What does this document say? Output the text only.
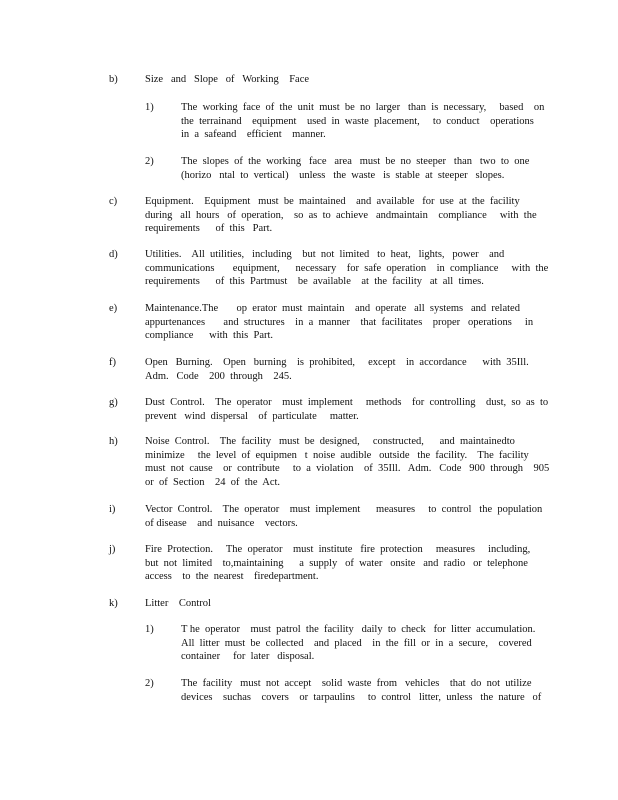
b)	Size   and   Slope   of   Working    Face
1)	The  working  face  of  the  unit  must  be  no  larger   than  is  necessary,     based    on
the  terrainand    equipment    used  in  waste  placement,     to  conduct    operations
in  a  safeand    efficient    manner.
2)	The  slopes  of  the  working   face   area   must  be  no  steeper   than   two  to  one
(horizo   ntal  to  vertical)    unless   the  waste   is  stable  at  steeper   slopes.
c)	Equipment.    Equipment   must  be  maintained    and  available   for  use  at  the  facility
during   all  hours   of  operation,    so  as  to  achieve   andmaintain    compliance     with  the
requirements      of  this   Part.
d)	Utilities.    All  utilities,   including    but  not  limited   to  heat,   lights,   power    and
communications       equipment,      necessary    for  safe  operation    in  compliance     with  the
requirements      of  this  Partmust    be  available    at  the  facility   at  all  times.
e)	Maintenance.The       op  erator  must  maintain    and  operate   all  systems   and  related
appurtenances       and  structures    in  a  manner    that  facilitates    proper   operations     in
compliance      with  this  Part.
f)	Open   Burning.    Open   burning    is  prohibited,     except    in  accordance      with  35Ill.
Adm.   Code    200  through    245.
g)	Dust  Control.    The  operator    must  implement     methods    for  controlling    dust,  so  as  to
prevent   wind  dispersal    of  particulate     matter.
h)	Noise  Control.    The  facility   must  be  designed,     constructed,      and  maintainedto
minimize     the  level  of  equipmen   t  noise  audible   outside   the  facility.    The  facility
must  not  cause    or  contribute     to  a  violation    of  35Ill.   Adm.   Code   900  through    905
or  of  Section    24  of  the  Act.
i)	Vector  Control.    The  operator    must  implement      measures     to  control   the  population
of disease    and  nuisance    vectors.
j)	Fire  Protection.     The  operator    must  institute   fire  protection     measures     including,
but  not  limited    to,maintaining      a  supply   of  water   onsite   and  radio   or  telephone
access    to  the  nearest    firedepartment.
k)	Litter    Control
1)	T he  operator    must  patrol  the  facility   daily  to  check   for  litter  accumulation.
All  litter  must  be  collected    and  placed    in  the  fill  or  in  a  secure,    covered
container     for  later   disposal.
2)	The  facility   must  not  accept    solid  waste  from   vehicles    that  do  not  utilize
devices    suchas    covers    or  tarpaulins     to  control   litter,  unless   the  nature   of
